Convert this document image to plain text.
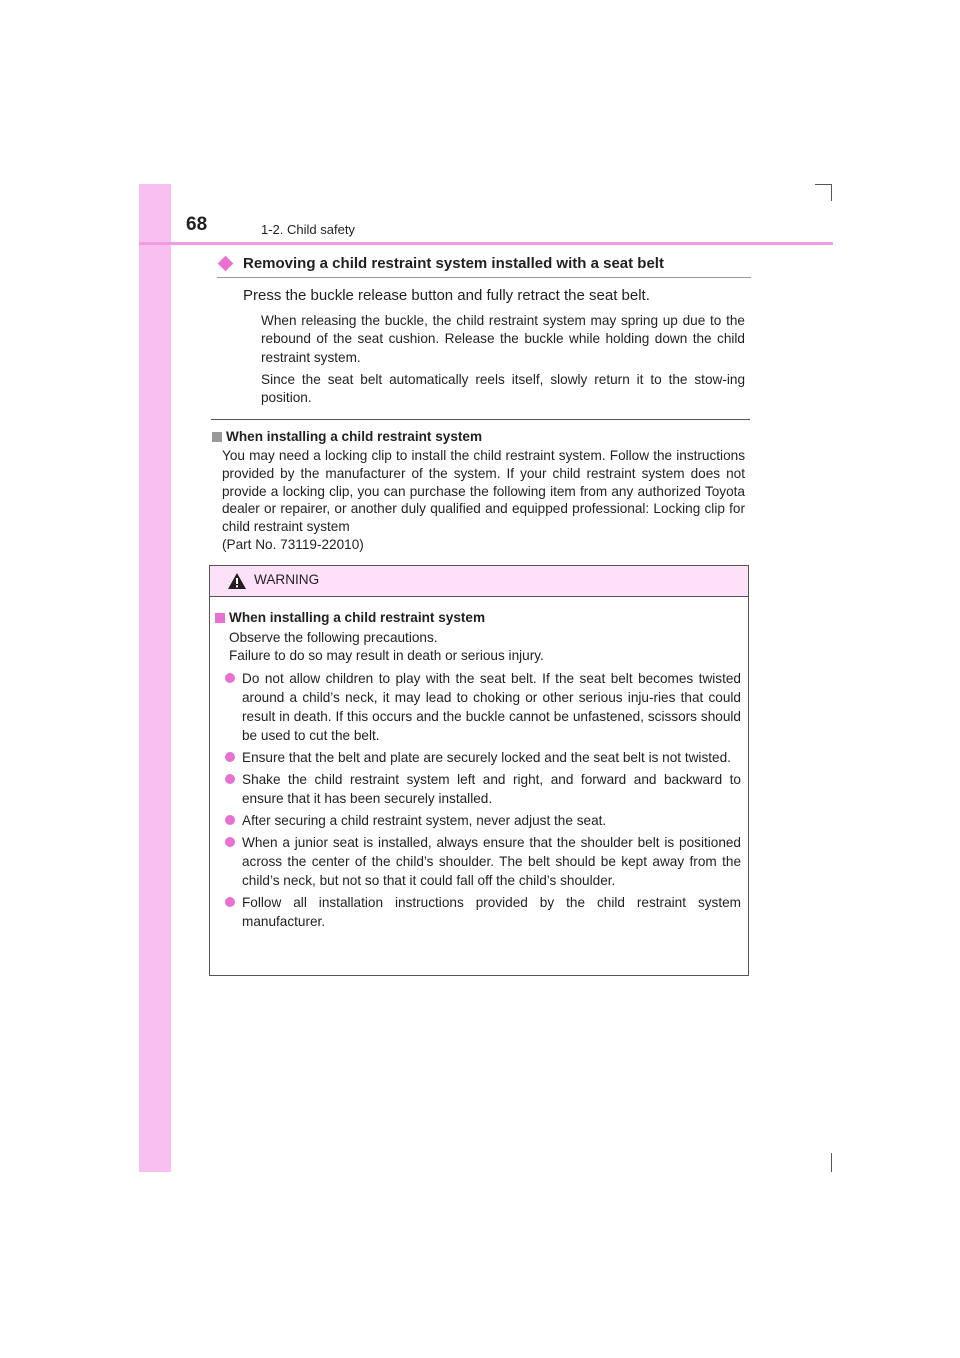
68	1-2. Child safety
Removing a child restraint system installed with a seat belt
Press the buckle release button and fully retract the seat belt.
When releasing the buckle, the child restraint system may spring up due to the rebound of the seat cushion. Release the buckle while holding down the child restraint system.
Since the seat belt automatically reels itself, slowly return it to the stow-ing position.
When installing a child restraint system
You may need a locking clip to install the child restraint system. Follow the instructions provided by the manufacturer of the system. If your child restraint system does not provide a locking clip, you can purchase the following item from any authorized Toyota dealer or repairer, or another duly qualified and equipped professional: Locking clip for child restraint system
(Part No. 73119-22010)
WARNING
When installing a child restraint system
Observe the following precautions.
Failure to do so may result in death or serious injury.
Do not allow children to play with the seat belt. If the seat belt becomes twisted around a child’s neck, it may lead to choking or other serious inju-ries that could result in death. If this occurs and the buckle cannot be unfastened, scissors should be used to cut the belt.
Ensure that the belt and plate are securely locked and the seat belt is not twisted.
Shake the child restraint system left and right, and forward and backward to ensure that it has been securely installed.
After securing a child restraint system, never adjust the seat.
When a junior seat is installed, always ensure that the shoulder belt is positioned across the center of the child’s shoulder. The belt should be kept away from the child’s neck, but not so that it could fall off the child’s shoulder.
Follow all installation instructions provided by the child restraint system manufacturer.
